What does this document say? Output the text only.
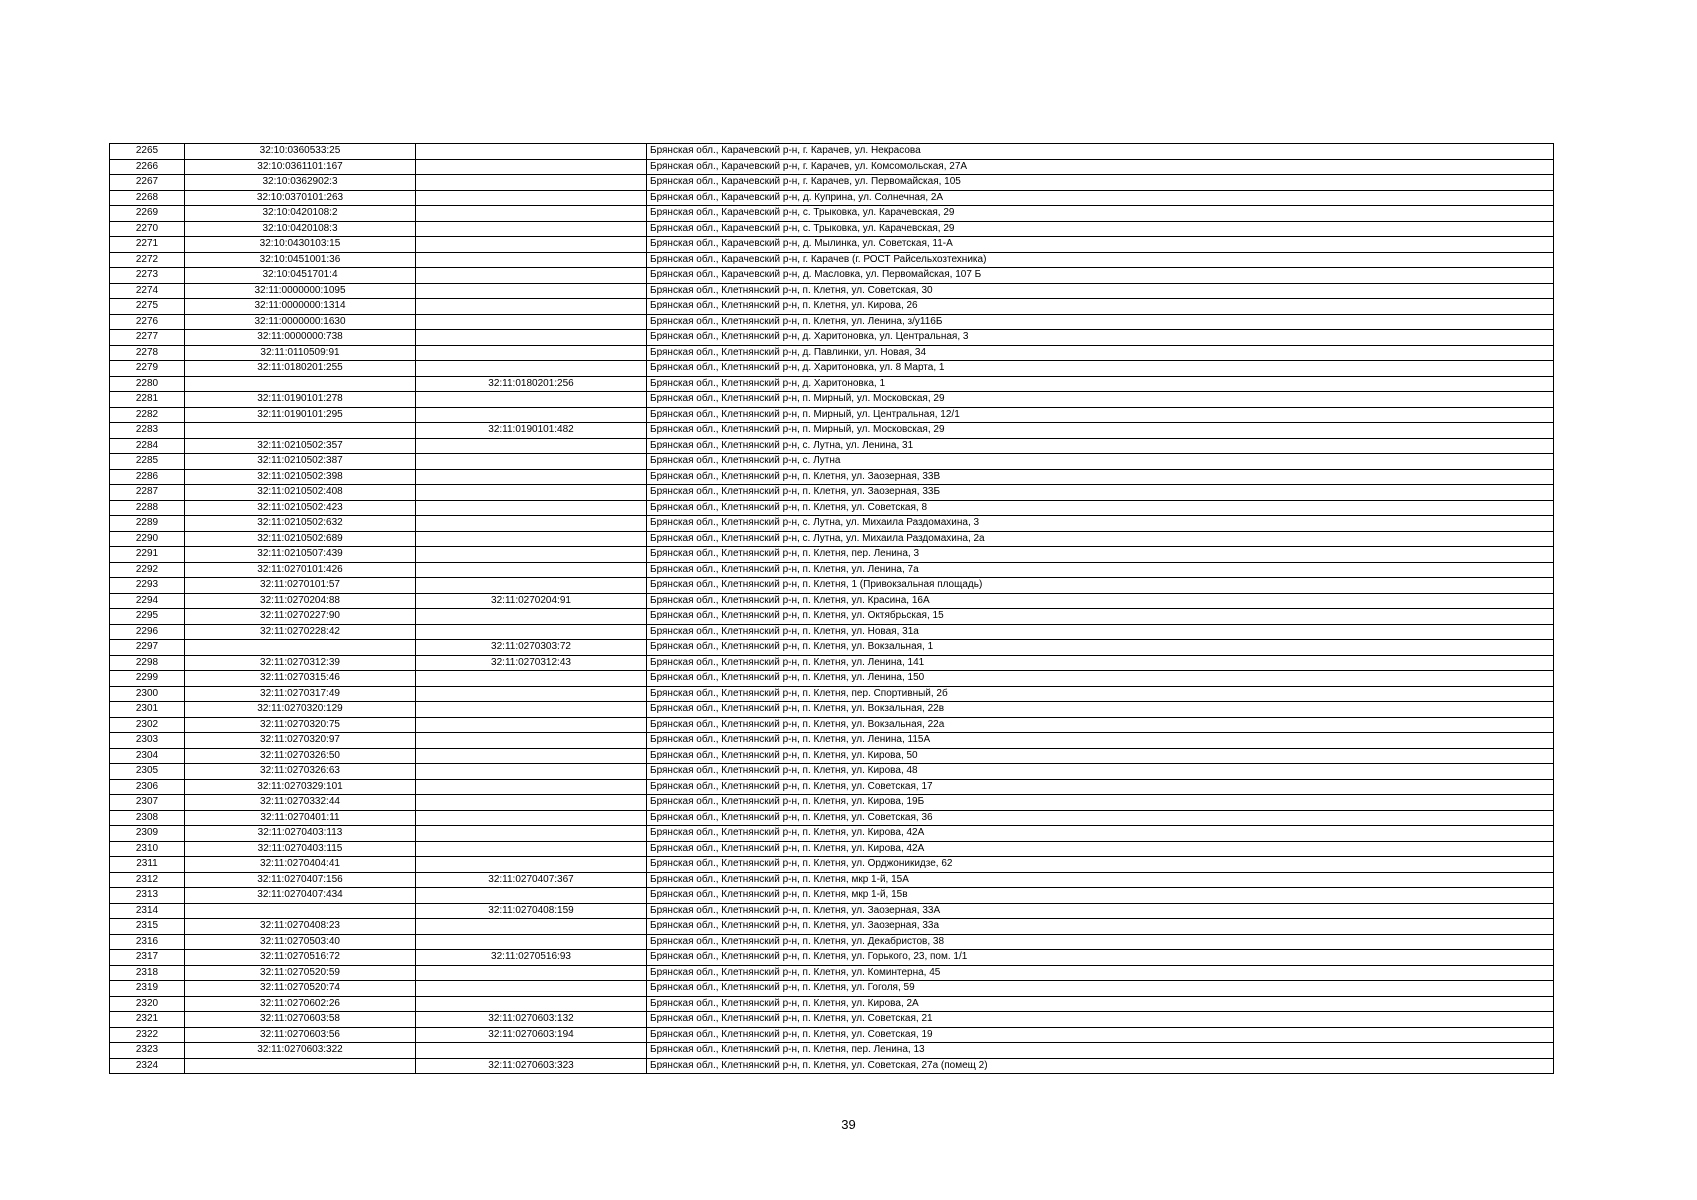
2265	32:10:0360533:25		Брянская обл., Карачевский р-н, г. Карачев, ул. Некрасова
2266	32:10:0361101:167		Брянская обл., Карачевский р-н, г. Карачев, ул. Комсомольская, 27А
2267	32:10:0362902:3		Брянская обл., Карачевский р-н, г. Карачев, ул. Первомайская, 105
2268	32:10:0370101:263		Брянская обл., Карачевский р-н, д. Куприна, ул. Солнечная, 2А
2269	32:10:0420108:2		Брянская обл., Карачевский р-н, с. Трыковка, ул. Карачевская, 29
2270	32:10:0420108:3		Брянская обл., Карачевский р-н, с. Трыковка, ул. Карачевская, 29
2271	32:10:0430103:15		Брянская обл., Карачевский р-н, д. Мылинка, ул. Советская, 11-А
2272	32:10:0451001:36		Брянская обл., Карачевский р-н, г. Карачев (г. РОСТ Райсельхозтехника)
2273	32:10:0451701:4		Брянская обл., Карачевский р-н, д. Масловка, ул. Первомайская, 107 Б
2274	32:11:0000000:1095		Брянская обл., Клетнянский р-н, п. Клетня, ул. Советская, 30
2275	32:11:0000000:1314		Брянская обл., Клетнянский р-н, п. Клетня, ул. Кирова, 26
2276	32:11:0000000:1630		Брянская обл., Клетнянский р-н, п. Клетня, ул. Ленина, з/у116Б
2277	32:11:0000000:738		Брянская обл., Клетнянский р-н, д. Харитоновка, ул. Центральная, 3
2278	32:11:0110509:91		Брянская обл., Клетнянский р-н, д. Павлинки, ул. Новая, 34
2279	32:11:0180201:255		Брянская обл., Клетнянский р-н, д. Харитоновка, ул. 8 Марта, 1
2280		32:11:0180201:256	Брянская обл., Клетнянский р-н, д. Харитоновка, 1
2281	32:11:0190101:278		Брянская обл., Клетнянский р-н, п. Мирный, ул. Московская, 29
2282	32:11:0190101:295		Брянская обл., Клетнянский р-н, п. Мирный, ул. Центральная, 12/1
2283		32:11:0190101:482	Брянская обл., Клетнянский р-н, п. Мирный, ул. Московская, 29
2284	32:11:0210502:357		Брянская обл., Клетнянский р-н, с. Лутна, ул. Ленина, 31
2285	32:11:0210502:387		Брянская обл., Клетнянский р-н, с. Лутна
2286	32:11:0210502:398		Брянская обл., Клетнянский р-н, п. Клетня, ул. Заозерная, 33В
2287	32:11:0210502:408		Брянская обл., Клетнянский р-н, п. Клетня, ул. Заозерная, 33Б
2288	32:11:0210502:423		Брянская обл., Клетнянский р-н, п. Клетня, ул. Советская, 8
2289	32:11:0210502:632		Брянская обл., Клетнянский р-н, с. Лутна, ул. Михаила Раздомахина, 3
2290	32:11:0210502:689		Брянская обл., Клетнянский р-н, с. Лутна, ул. Михаила Раздомахина, 2а
2291	32:11:0210507:439		Брянская обл., Клетнянский р-н, п. Клетня, пер. Ленина, 3
2292	32:11:0270101:426		Брянская обл., Клетнянский р-н, п. Клетня, ул. Ленина, 7а
2293	32:11:0270101:57		Брянская обл., Клетнянский р-н, п. Клетня, 1 (Привокзальная площадь)
2294	32:11:0270204:88	32:11:0270204:91	Брянская обл., Клетнянский р-н, п. Клетня, ул. Красина, 16А
2295	32:11:0270227:90		Брянская обл., Клетнянский р-н, п. Клетня, ул. Октябрьская, 15
2296	32:11:0270228:42		Брянская обл., Клетнянский р-н, п. Клетня, ул. Новая, 31а
2297		32:11:0270303:72	Брянская обл., Клетнянский р-н, п. Клетня, ул. Вокзальная, 1
2298	32:11:0270312:39	32:11:0270312:43	Брянская обл., Клетнянский р-н, п. Клетня, ул. Ленина, 141
2299	32:11:0270315:46		Брянская обл., Клетнянский р-н, п. Клетня, ул. Ленина, 150
2300	32:11:0270317:49		Брянская обл., Клетнянский р-н, п. Клетня, пер. Спортивный, 2б
2301	32:11:0270320:129		Брянская обл., Клетнянский р-н, п. Клетня, ул. Вокзальная, 22в
2302	32:11:0270320:75		Брянская обл., Клетнянский р-н, п. Клетня, ул. Вокзальная, 22а
2303	32:11:0270320:97		Брянская обл., Клетнянский р-н, п. Клетня, ул. Ленина, 115А
2304	32:11:0270326:50		Брянская обл., Клетнянский р-н, п. Клетня, ул. Кирова, 50
2305	32:11:0270326:63		Брянская обл., Клетнянский р-н, п. Клетня, ул. Кирова, 48
2306	32:11:0270329:101		Брянская обл., Клетнянский р-н, п. Клетня, ул. Советская, 17
2307	32:11:0270332:44		Брянская обл., Клетнянский р-н, п. Клетня, ул. Кирова, 19Б
2308	32:11:0270401:11		Брянская обл., Клетнянский р-н, п. Клетня, ул. Советская, 36
2309	32:11:0270403:113		Брянская обл., Клетнянский р-н, п. Клетня, ул. Кирова, 42А
2310	32:11:0270403:115		Брянская обл., Клетнянский р-н, п. Клетня, ул. Кирова, 42А
2311	32:11:0270404:41		Брянская обл., Клетнянский р-н, п. Клетня, ул. Орджоникидзе, 62
2312	32:11:0270407:156	32:11:0270407:367	Брянская обл., Клетнянский р-н, п. Клетня, мкр 1-й, 15А
2313	32:11:0270407:434		Брянская обл., Клетнянский р-н, п. Клетня, мкр 1-й, 15в
2314		32:11:0270408:159	Брянская обл., Клетнянский р-н, п. Клетня, ул. Заозерная, 33А
2315	32:11:0270408:23		Брянская обл., Клетнянский р-н, п. Клетня, ул. Заозерная, 33а
2316	32:11:0270503:40		Брянская обл., Клетнянский р-н, п. Клетня, ул. Декабристов, 38
2317	32:11:0270516:72	32:11:0270516:93	Брянская обл., Клетнянский р-н, п. Клетня, ул. Горького, 23, пом. 1/1
2318	32:11:0270520:59		Брянская обл., Клетнянский р-н, п. Клетня, ул. Коминтерна, 45
2319	32:11:0270520:74		Брянская обл., Клетнянский р-н, п. Клетня, ул. Гоголя, 59
2320	32:11:0270602:26		Брянская обл., Клетнянский р-н, п. Клетня, ул. Кирова, 2А
2321	32:11:0270603:58	32:11:0270603:132	Брянская обл., Клетнянский р-н, п. Клетня, ул. Советская, 21
2322	32:11:0270603:56	32:11:0270603:194	Брянская обл., Клетнянский р-н, п. Клетня, ул. Советская, 19
2323	32:11:0270603:322		Брянская обл., Клетнянский р-н, п. Клетня, пер. Ленина, 13
2324		32:11:0270603:323	Брянская обл., Клетнянский р-н, п. Клетня, ул. Советская, 27а (помещ 2)
39
